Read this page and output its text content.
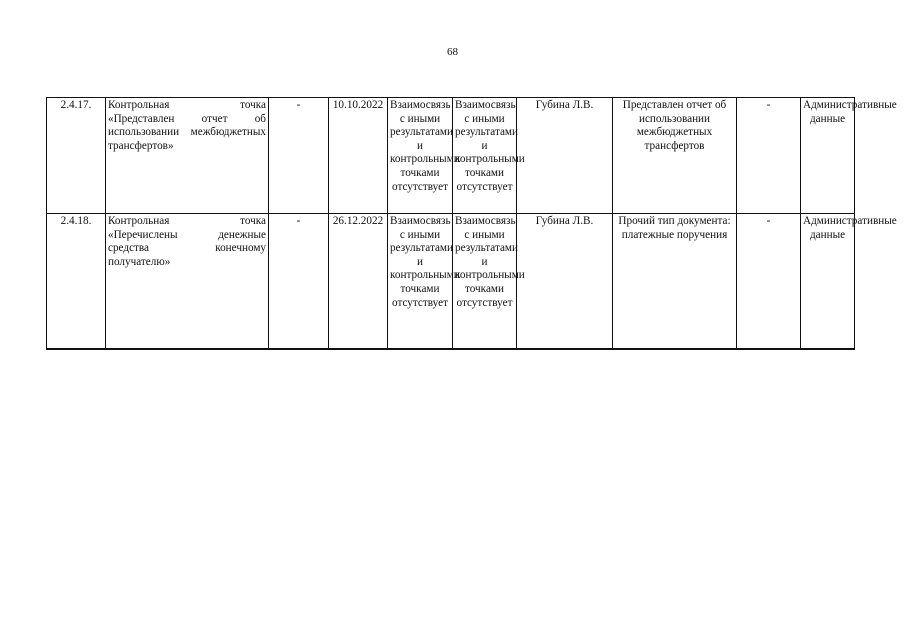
68
2.4.17.	Контрольная точка «Представлен отчет об использовании межбюджетных трансфертов»	-	10.10.2022	Взаимосвязь с иными результатами и контрольными точками отсутствует	Взаимосвязь с иными результатами и контрольными точками отсутствует	Губина Л.В.	Представлен отчет об использовании межбюджетных трансфертов	-	Административные данные
2.4.18.	Контрольная точка «Перечислены денежные средства конечному получателю»	-	26.12.2022	Взаимосвязь с иными результатами и контрольными точками отсутствует	Взаимосвязь с иными результатами и контрольными точками отсутствует	Губина Л.В.	Прочий тип документа: платежные поручения	-	Административные данные
